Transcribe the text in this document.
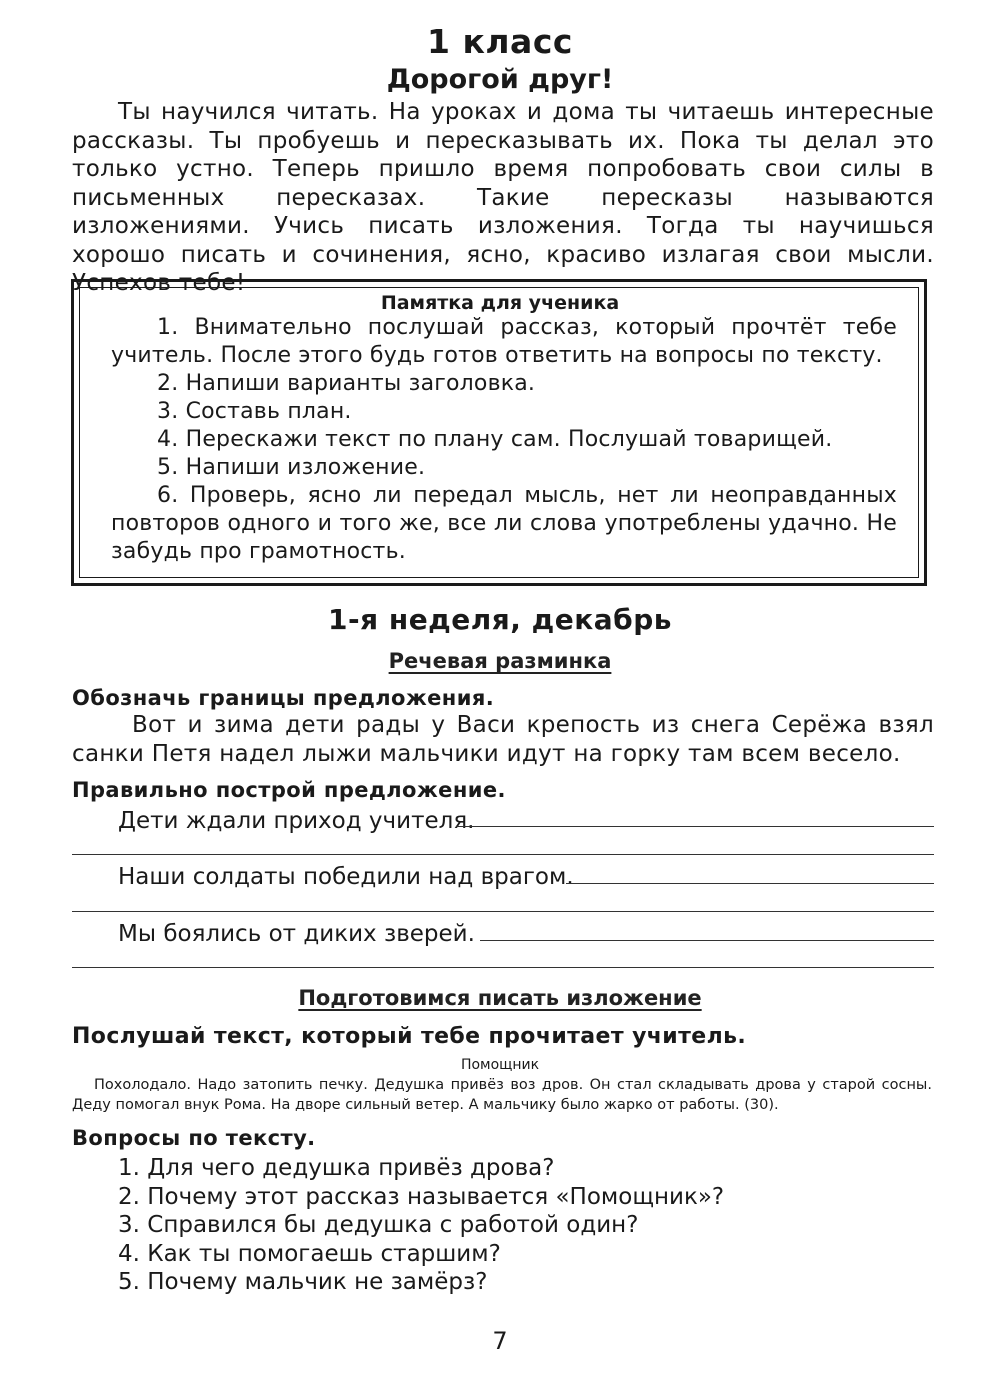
1 класс
Дорогой друг!

Ты научился читать. На уроках и дома ты читаешь интересные рассказы. Ты пробуешь и пересказывать их. Пока ты делал это только устно. Теперь пришло время попробовать свои силы в письменных пересказах. Такие пересказы называются изложениями. Учись писать изложения. Тогда ты научишься хорошо писать и сочинения, ясно, красиво излагая свои мысли. Успехов тебе!

Памятка для ученика

1. Внимательно послушай рассказ, который прочтёт тебе учитель. После этого будь готов ответить на вопросы по тексту.

2. Напиши варианты заголовка.

3. Составь план.

4. Перескажи текст по плану сам. Послушай товарищей.

5. Напиши изложение.

6. Проверь, ясно ли передал мысль, нет ли неоправданных повторов одного и того же, все ли слова употреблены удачно. Не забудь про грамотность.

1-я неделя, декабрь
Речевая разминка
Обозначь границы предложения.

Вот и зима дети рады у Васи крепость из снега Серёжа взял санки Петя надел лыжи мальчики идут на горку там всем весело.

Правильно построй предложение.
Дети ждали приход учителя.
Наши солдаты победили над врагом.
Мы боялись от диких зверей.
Подготовимся писать изложение
Послушай текст, который тебе прочитает учитель.
Помощник

Похолодало. Надо затопить печку. Дедушка привёз воз дров. Он стал складывать дрова у старой сосны. Деду помогал внук Рома. На дворе сильный ветер. А мальчику было жарко от работы. (30).

Вопросы по тексту.
1. Для чего дедушка привёз дрова?
2. Почему этот рассказ называется «Помощник»?
3. Справился бы дедушка с работой один?
4. Как ты помогаешь старшим?
5. Почему мальчик не замёрз?
7
